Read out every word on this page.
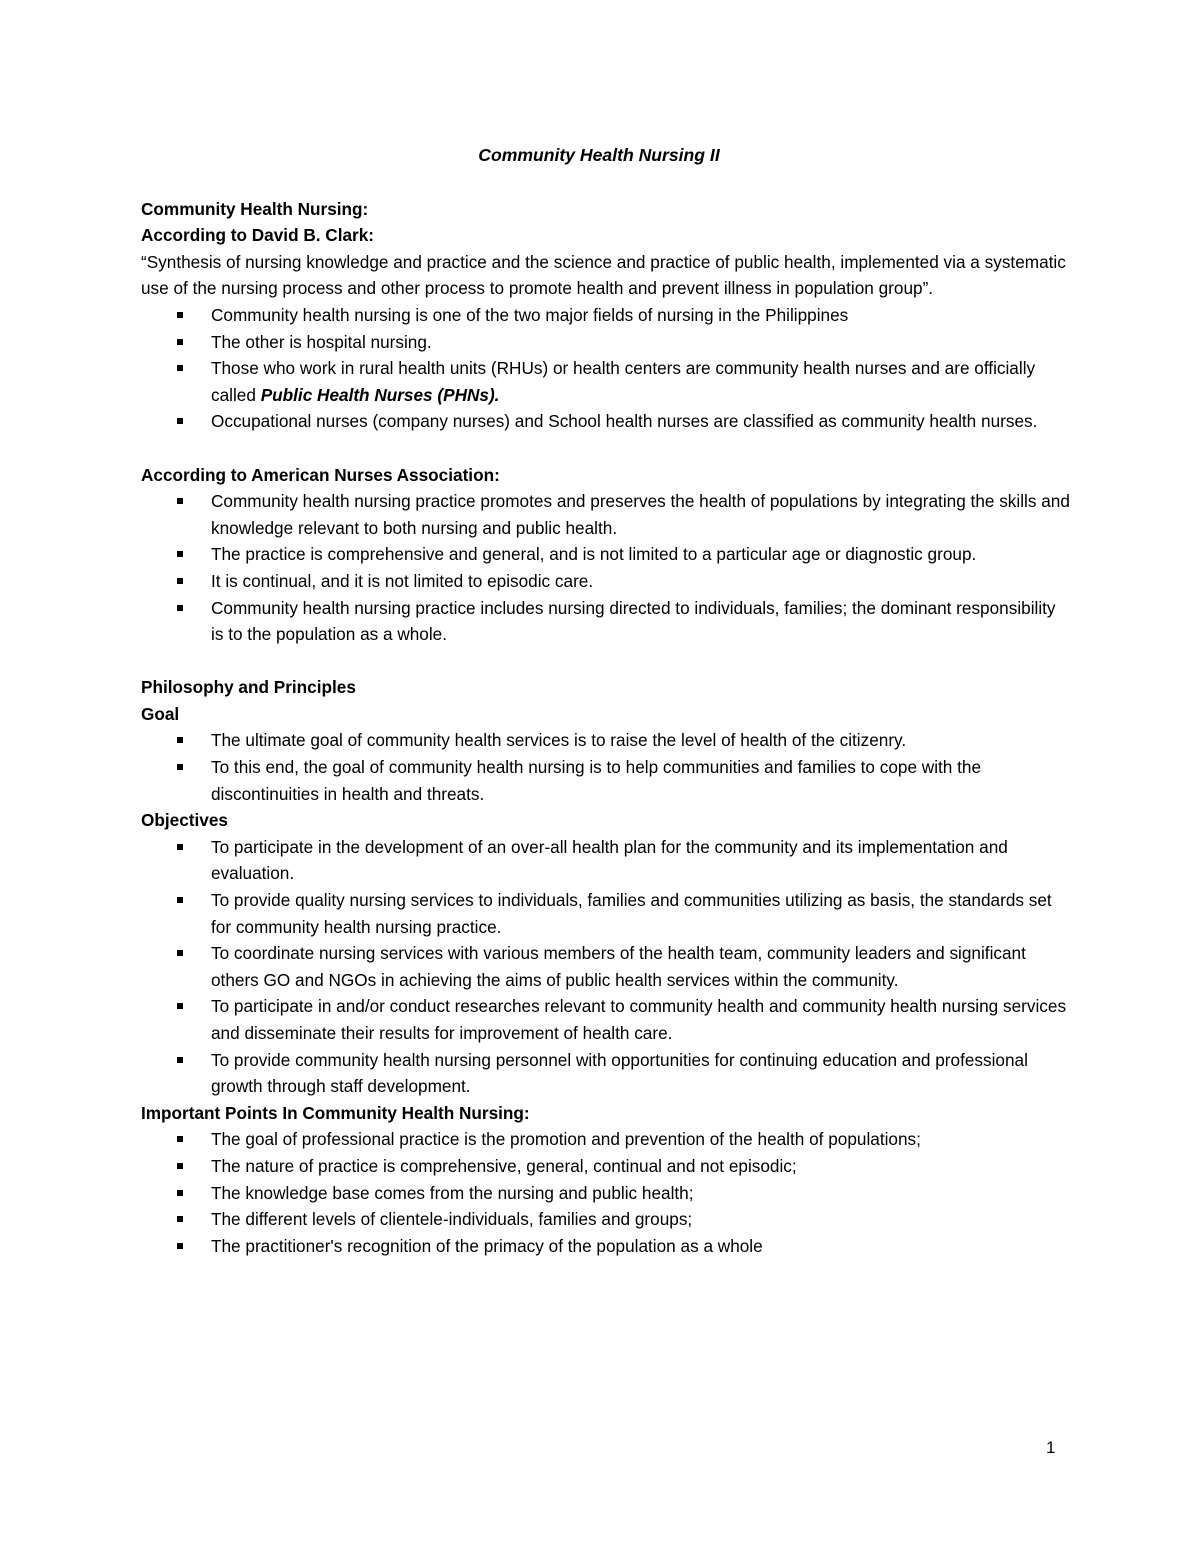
Community Health Nursing II

Community Health Nursing:

According to David B. Clark:

“Synthesis of nursing knowledge and practice and the science and practice of public health, implemented via a systematic use of the nursing process and other process to promote health and prevent illness in population group”.

Community health nursing is one of the two major fields of nursing in the Philippines
The other is hospital nursing.
Those who work in rural health units (RHUs) or health centers are community health nurses and are officially called Public Health Nurses (PHNs).
Occupational nurses (company nurses) and School health nurses are classified as community health nurses.

According to American Nurses Association:

Community health nursing practice promotes and preserves the health of populations by integrating the skills and knowledge relevant to both nursing and public health.
The practice is comprehensive and general, and is not limited to a particular age or diagnostic group.
It is continual, and it is not limited to episodic care.
Community health nursing practice includes nursing directed to individuals, families; the dominant responsibility is to the population as a whole.

Philosophy and Principles

Goal

The ultimate goal of community health services is to raise the level of health of the citizenry.
To this end, the goal of community health nursing is to help communities and families to cope with the discontinuities in health and threats.

Objectives

To participate in the development of an over-all health plan for the community and its implementation and evaluation.
To provide quality nursing services to individuals, families and communities utilizing as basis, the standards set for community health nursing practice.
To coordinate nursing services with various members of the health team, community leaders and significant others GO and NGOs in achieving the aims of public health services within the community.
To participate in and/or conduct researches relevant to community health and community health nursing services and disseminate their results for improvement of health care.
To provide community health nursing personnel with opportunities for continuing education and professional growth through staff development.

Important Points In Community Health Nursing:

The goal of professional practice is the promotion and prevention of the health of populations;
The nature of practice is comprehensive, general, continual and not episodic;
The knowledge base comes from the nursing and public health;
The different levels of clientele-individuals, families and groups;
The practitioner's recognition of the primacy of the population as a whole
1
